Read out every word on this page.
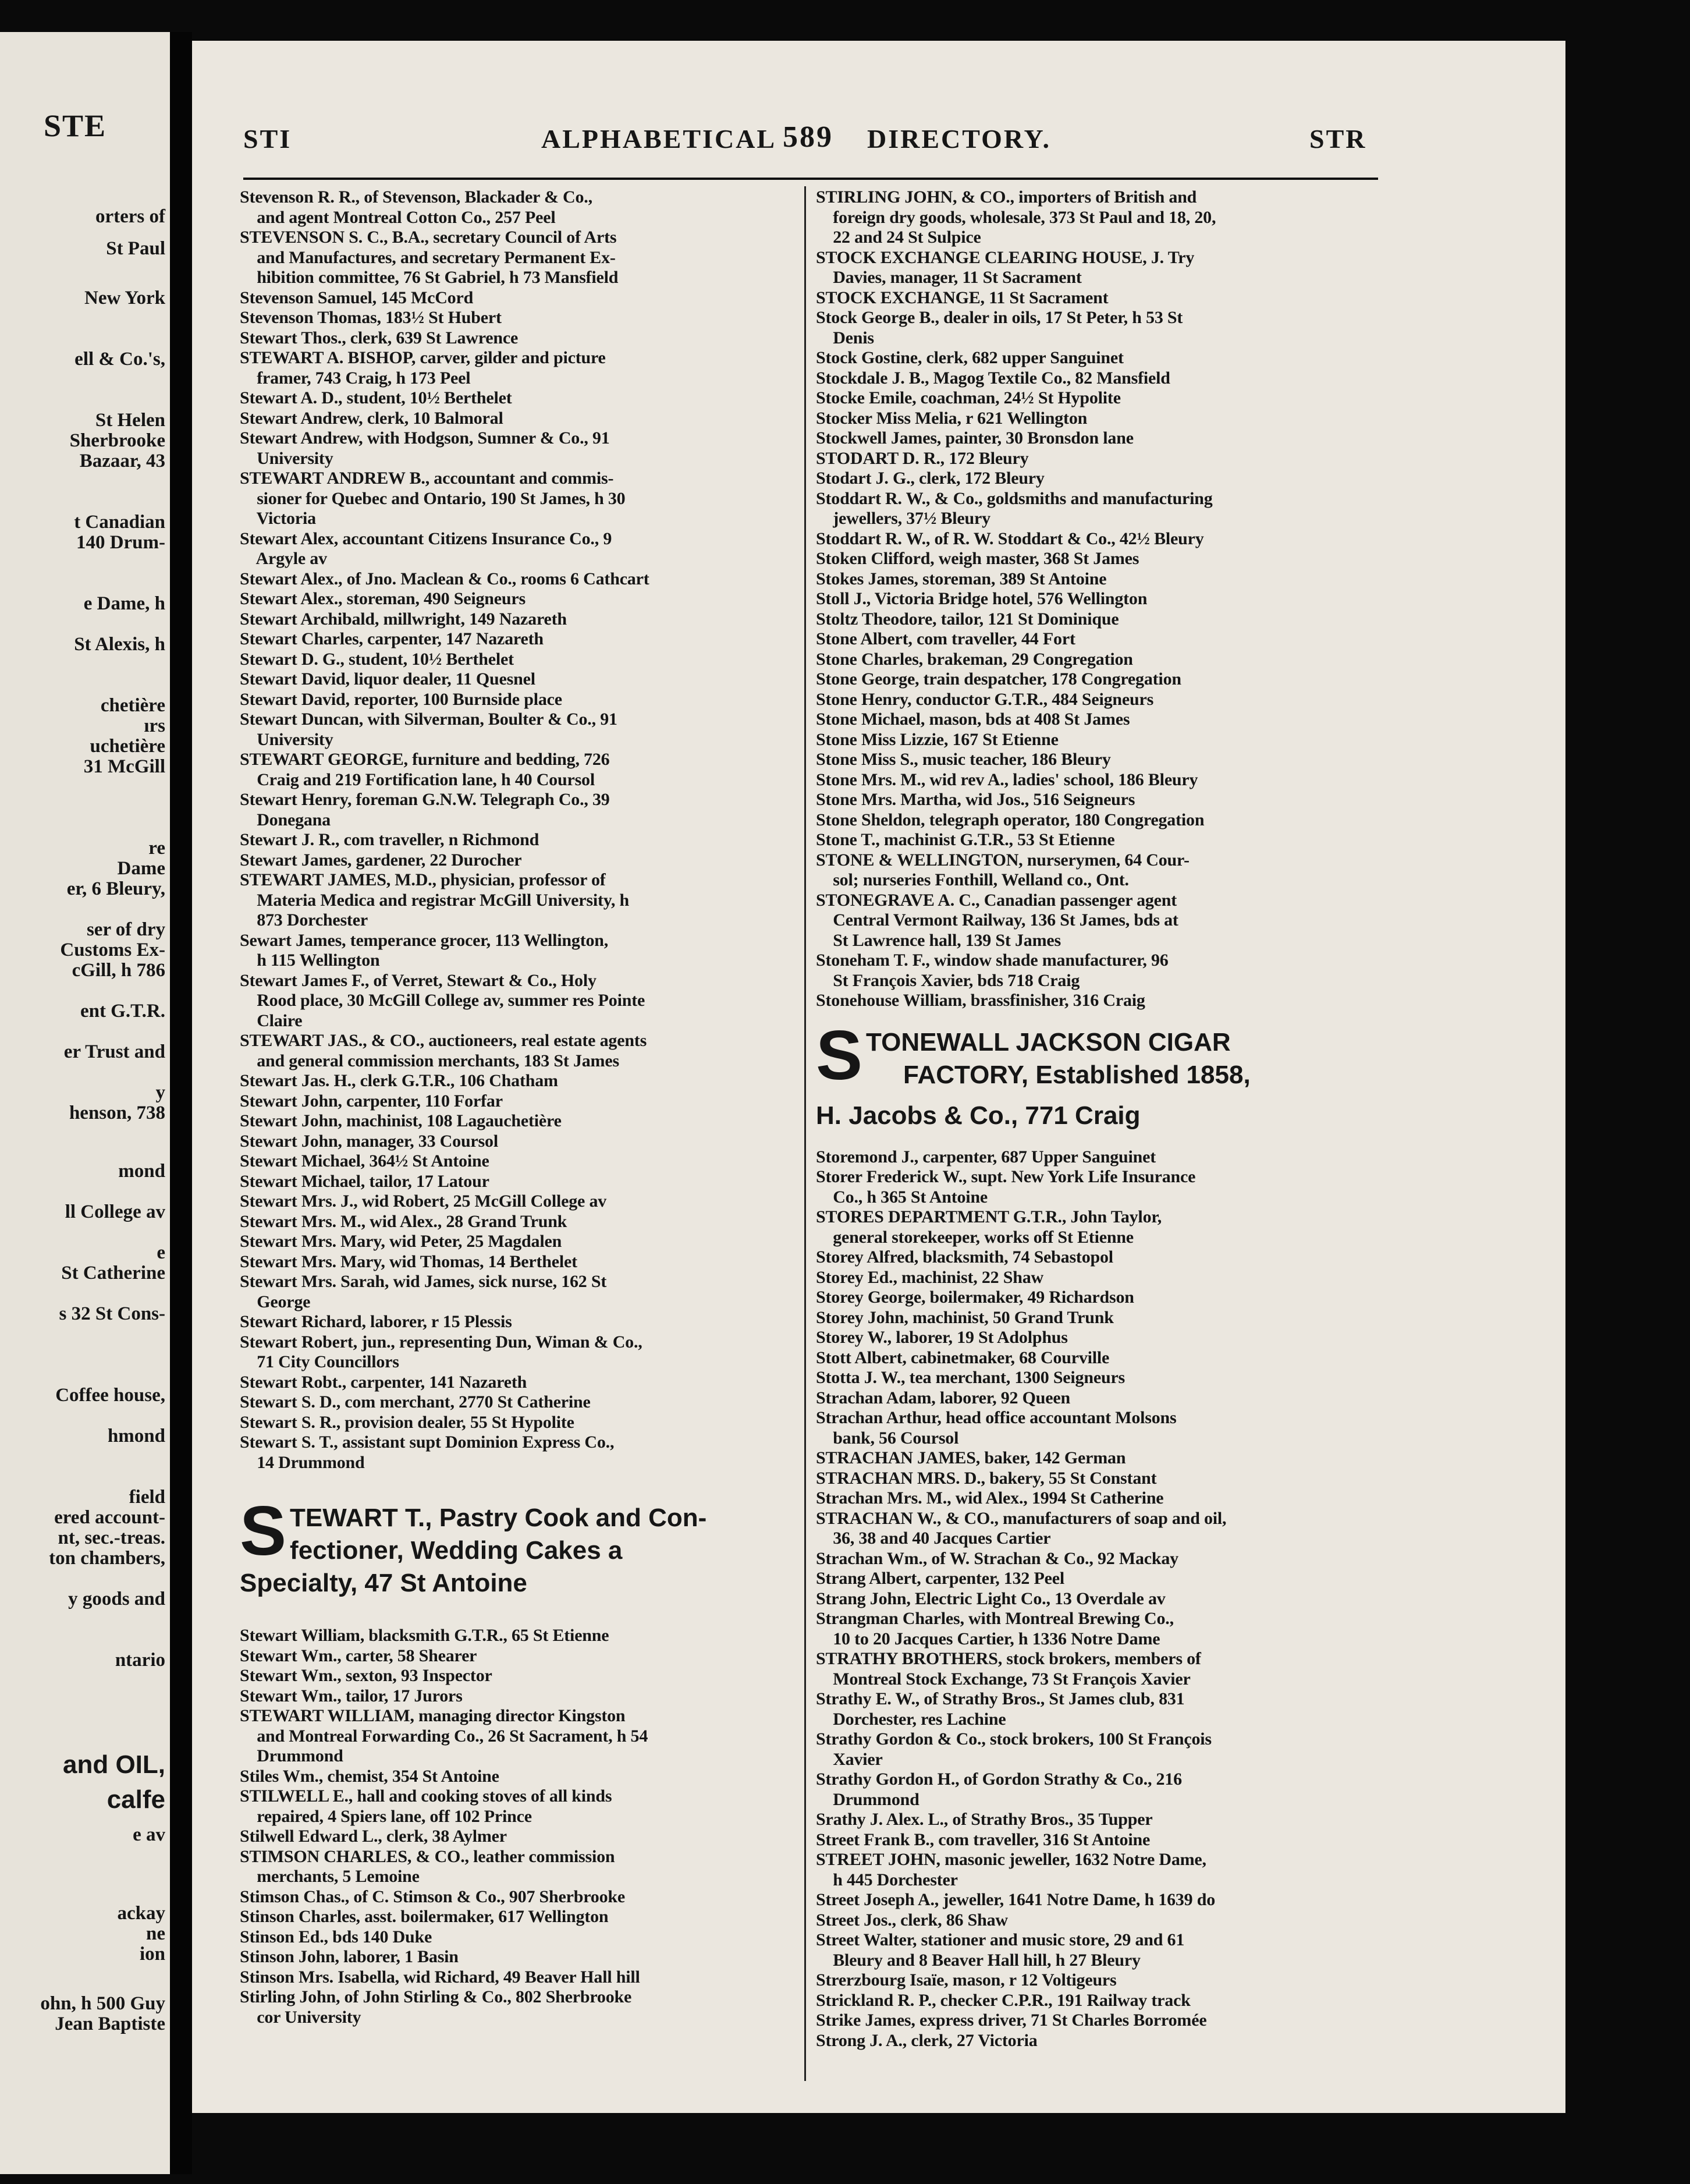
STE
orters of
St Paul
New York
ell & Co.'s,
St Helen
Sherbrooke
Bazaar, 43
t Canadian
140 Drum-
e Dame, h
St Alexis, h
chetière
ırs
uchetière
31 McGill
re
Dame
er, 6 Bleury,
ser of dry
Customs Ex-
cGill, h 786
ent G.T.R.
er Trust and
y
henson, 738
mond
ll College av
e
St Catherine
s 32 St Cons-
Coffee house,
hmond
field
ered account-
nt, sec.-treas.
ton chambers,
y goods and
ntario
and OIL,
calfe
e av
ackay
ne
ion
ohn, h 500 Guy
Jean Baptiste
STI	ALPHABETICAL 589 DIRECTORY.	STR
Stevenson R. R., of Stevenson, Blackader & Co.,
and agent Montreal Cotton Co., 257 Peel
STEVENSON S. C., B.A., secretary Council of Arts
and Manufactures, and secretary Permanent Ex-
hibition committee, 76 St Gabriel, h 73 Mansfield
Stevenson Samuel, 145 McCord
Stevenson Thomas, 183½ St Hubert
Stewart Thos., clerk, 639 St Lawrence
STEWART A. BISHOP, carver, gilder and picture
framer, 743 Craig, h 173 Peel
Stewart A. D., student, 10½ Berthelet
Stewart Andrew, clerk, 10 Balmoral
Stewart Andrew, with Hodgson, Sumner & Co., 91
University
STEWART ANDREW B., accountant and commis-
sioner for Quebec and Ontario, 190 St James, h 30
Victoria
Stewart Alex, accountant Citizens Insurance Co., 9
Argyle av
Stewart Alex., of Jno. Maclean & Co., rooms 6 Cathcart
Stewart Alex., storeman, 490 Seigneurs
Stewart Archibald, millwright, 149 Nazareth
Stewart Charles, carpenter, 147 Nazareth
Stewart D. G., student, 10½ Berthelet
Stewart David, liquor dealer, 11 Quesnel
Stewart David, reporter, 100 Burnside place
Stewart Duncan, with Silverman, Boulter & Co., 91
University
STEWART GEORGE, furniture and bedding, 726
Craig and 219 Fortification lane, h 40 Coursol
Stewart Henry, foreman G.N.W. Telegraph Co., 39
Donegana
Stewart J. R., com traveller, n Richmond
Stewart James, gardener, 22 Durocher
STEWART JAMES, M.D., physician, professor of
Materia Medica and registrar McGill University, h
873 Dorchester
Sewart James, temperance grocer, 113 Wellington,
h 115 Wellington
Stewart James F., of Verret, Stewart & Co., Holy
Rood place, 30 McGill College av, summer res Pointe
Claire
STEWART JAS., & CO., auctioneers, real estate agents
and general commission merchants, 183 St James
Stewart Jas. H., clerk G.T.R., 106 Chatham
Stewart John, carpenter, 110 Forfar
Stewart John, machinist, 108 Lagauchetière
Stewart John, manager, 33 Coursol
Stewart Michael, 364½ St Antoine
Stewart Michael, tailor, 17 Latour
Stewart Mrs. J., wid Robert, 25 McGill College av
Stewart Mrs. M., wid Alex., 28 Grand Trunk
Stewart Mrs. Mary, wid Peter, 25 Magdalen
Stewart Mrs. Mary, wid Thomas, 14 Berthelet
Stewart Mrs. Sarah, wid James, sick nurse, 162 St
George
Stewart Richard, laborer, r 15 Plessis
Stewart Robert, jun., representing Dun, Wiman & Co.,
71 City Councillors
Stewart Robt., carpenter, 141 Nazareth
Stewart S. D., com merchant, 2770 St Catherine
Stewart S. R., provision dealer, 55 St Hypolite
Stewart S. T., assistant supt Dominion Express Co.,
14 Drummond
S TEWART T., Pastry Cook and Con-
fectioner, Wedding Cakes a
Specialty, 47 St Antoine
Stewart William, blacksmith G.T.R., 65 St Etienne
Stewart Wm., carter, 58 Shearer
Stewart Wm., sexton, 93 Inspector
Stewart Wm., tailor, 17 Jurors
STEWART WILLIAM, managing director Kingston
and Montreal Forwarding Co., 26 St Sacrament, h 54
Drummond
Stiles Wm., chemist, 354 St Antoine
STILWELL E., hall and cooking stoves of all kinds
repaired, 4 Spiers lane, off 102 Prince
Stilwell Edward L., clerk, 38 Aylmer
STIMSON CHARLES, & CO., leather commission
merchants, 5 Lemoine
Stimson Chas., of C. Stimson & Co., 907 Sherbrooke
Stinson Charles, asst. boilermaker, 617 Wellington
Stinson Ed., bds 140 Duke
Stinson John, laborer, 1 Basin
Stinson Mrs. Isabella, wid Richard, 49 Beaver Hall hill
Stirling John, of John Stirling & Co., 802 Sherbrooke
cor University
STIRLING JOHN, & CO., importers of British and
foreign dry goods, wholesale, 373 St Paul and 18, 20,
22 and 24 St Sulpice
STOCK EXCHANGE CLEARING HOUSE, J. Try
Davies, manager, 11 St Sacrament
STOCK EXCHANGE, 11 St Sacrament
Stock George B., dealer in oils, 17 St Peter, h 53 St
Denis
Stock Gostine, clerk, 682 upper Sanguinet
Stockdale J. B., Magog Textile Co., 82 Mansfield
Stocke Emile, coachman, 24½ St Hypolite
Stocker Miss Melia, r 621 Wellington
Stockwell James, painter, 30 Bronsdon lane
STODART D. R., 172 Bleury
Stodart J. G., clerk, 172 Bleury
Stoddart R. W., & Co., goldsmiths and manufacturing
jewellers, 37½ Bleury
Stoddart R. W., of R. W. Stoddart & Co., 42½ Bleury
Stoken Clifford, weigh master, 368 St James
Stokes James, storeman, 389 St Antoine
Stoll J., Victoria Bridge hotel, 576 Wellington
Stoltz Theodore, tailor, 121 St Dominique
Stone Albert, com traveller, 44 Fort
Stone Charles, brakeman, 29 Congregation
Stone George, train despatcher, 178 Congregation
Stone Henry, conductor G.T.R., 484 Seigneurs
Stone Michael, mason, bds at 408 St James
Stone Miss Lizzie, 167 St Etienne
Stone Miss S., music teacher, 186 Bleury
Stone Mrs. M., wid rev A., ladies' school, 186 Bleury
Stone Mrs. Martha, wid Jos., 516 Seigneurs
Stone Sheldon, telegraph operator, 180 Congregation
Stone T., machinist G.T.R., 53 St Etienne
STONE & WELLINGTON, nurserymen, 64 Cour-
sol; nurseries Fonthill, Welland co., Ont.
STONEGRAVE A. C., Canadian passenger agent
Central Vermont Railway, 136 St James, bds at
St Lawrence hall, 139 St James
Stoneham T. F., window shade manufacturer, 96
St François Xavier, bds 718 Craig
Stonehouse William, brassfinisher, 316 Craig
S TONEWALL JACKSON CIGAR
FACTORY, Established 1858,
H. Jacobs & Co., 771 Craig
Storemond J., carpenter, 687 Upper Sanguinet
Storer Frederick W., supt. New York Life Insurance
Co., h 365 St Antoine
STORES DEPARTMENT G.T.R., John Taylor,
general storekeeper, works off St Etienne
Storey Alfred, blacksmith, 74 Sebastopol
Storey Ed., machinist, 22 Shaw
Storey George, boilermaker, 49 Richardson
Storey John, machinist, 50 Grand Trunk
Storey W., laborer, 19 St Adolphus
Stott Albert, cabinetmaker, 68 Courville
Stotta J. W., tea merchant, 1300 Seigneurs
Strachan Adam, laborer, 92 Queen
Strachan Arthur, head office accountant Molsons
bank, 56 Coursol
STRACHAN JAMES, baker, 142 German
STRACHAN MRS. D., bakery, 55 St Constant
Strachan Mrs. M., wid Alex., 1994 St Catherine
STRACHAN W., & CO., manufacturers of soap and oil,
36, 38 and 40 Jacques Cartier
Strachan Wm., of W. Strachan & Co., 92 Mackay
Strang Albert, carpenter, 132 Peel
Strang John, Electric Light Co., 13 Overdale av
Strangman Charles, with Montreal Brewing Co.,
10 to 20 Jacques Cartier, h 1336 Notre Dame
STRATHY BROTHERS, stock brokers, members of
Montreal Stock Exchange, 73 St François Xavier
Strathy E. W., of Strathy Bros., St James club, 831
Dorchester, res Lachine
Strathy Gordon & Co., stock brokers, 100 St François
Xavier
Strathy Gordon H., of Gordon Strathy & Co., 216
Drummond
Srathy J. Alex. L., of Strathy Bros., 35 Tupper
Street Frank B., com traveller, 316 St Antoine
STREET JOHN, masonic jeweller, 1632 Notre Dame,
h 445 Dorchester
Street Joseph A., jeweller, 1641 Notre Dame, h 1639 do
Street Jos., clerk, 86 Shaw
Street Walter, stationer and music store, 29 and 61
Bleury and 8 Beaver Hall hill, h 27 Bleury
Strerzbourg Isaïe, mason, r 12 Voltigeurs
Strickland R. P., checker C.P.R., 191 Railway track
Strike James, express driver, 71 St Charles Borromée
Strong J. A., clerk, 27 Victoria
